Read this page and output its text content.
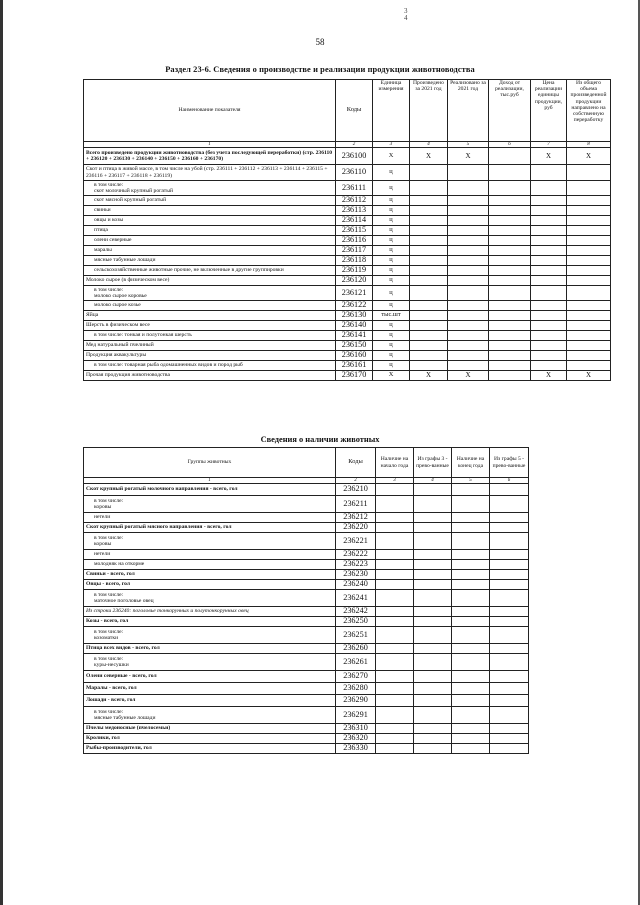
3
4
58
Раздел 23-6. Сведения о производстве и реализации продукции животноводства
Наименование показателя	Коды	Единица измерения	Произведено за 2021 год	Реализовано за 2021 год	Доход от реализации, тыс.руб	Цена реализации единицы продукции, руб	Из общего объема произведенной продукции направлено на собственную переработку
1	2	3	4	5	6	7	8
Всего произведено продукции животноводства (без учета последующей переработки) (стр. 236110 + 236120 + 236130 + 236140 + 236150 + 236160 + 236170)	236100	X	X	X		X	X
Скот и птица в живой массе, в том числе на убой (стр. 236111 + 236112 + 236113 + 236114 + 236115 + 236116 + 236117 + 236118 + 236119)	236110	ц					

в том числе:
скот молочный крупный рогатый	236111	ц					
скот мясной крупный рогатый	236112	ц					
свиньи	236113	ц					
овцы и козы	236114	ц					
птица	236115	ц					
олени северные	236116	ц					
маралы	236117	ц					
мясные табунные лошади	236118	ц					
сельскохозяйственные животные прочие, не включенные в другие группировки	236119	ц					
Молоко сырое (в физическом весе)	236120	ц					

в том числе:
молоко сырое коровье	236121	ц					
молоко сырое козье	236122	ц					
Яйца	236130	тыс.шт					
Шерсть в физическом весе	236140	ц					
в том числе: тонкая и полутонкая шерсть	236141	ц					
Мед натуральный пчелиный	236150	ц					
Продукция аквакультуры	236160	ц					
в том числе: товарная рыба одомашненных видов и пород рыб	236161	ц					
Прочая продукция животноводства	236170	X	X	X		X	X
Сведения о наличии животных
Группы животных	Коды	Наличие на начало года	Из графы 3 - прево-ванные	Наличие на конец года	Из графы 5 - прево-ванные
1	2	3	4	5	6
Скот крупный рогатый молочного направления - всего, гол	236210				

в том числе:
коровы	236211				
нетели	236212				
Скот крупный рогатый мясного направления - всего, гол	236220				

в том числе:
коровы	236221				
нетели	236222				
молодняк на откорме	236223				
Свиньи - всего, гол	236230				
Овцы - всего, гол	236240				

в том числе:
маточное поголовье овец	236241				
Из строки 236240: поголовье тонкорунных и полутонкорунных овец	236242				
Козы - всего, гол	236250				

в том числе:
козоматки	236251				
Птица всех видов - всего, гол	236260				

в том числе:
куры-несушки	236261				
Олени северные - всего, гол	236270				
Маралы - всего, гол	236280				
Лошади - всего, гол	236290				

в том числе:
мясные табунные лошади	236291				
Пчелы медоносные (пчелосемьи)	236310				
Кролики, гол	236320				
Рыбы-производители, гол	236330				
